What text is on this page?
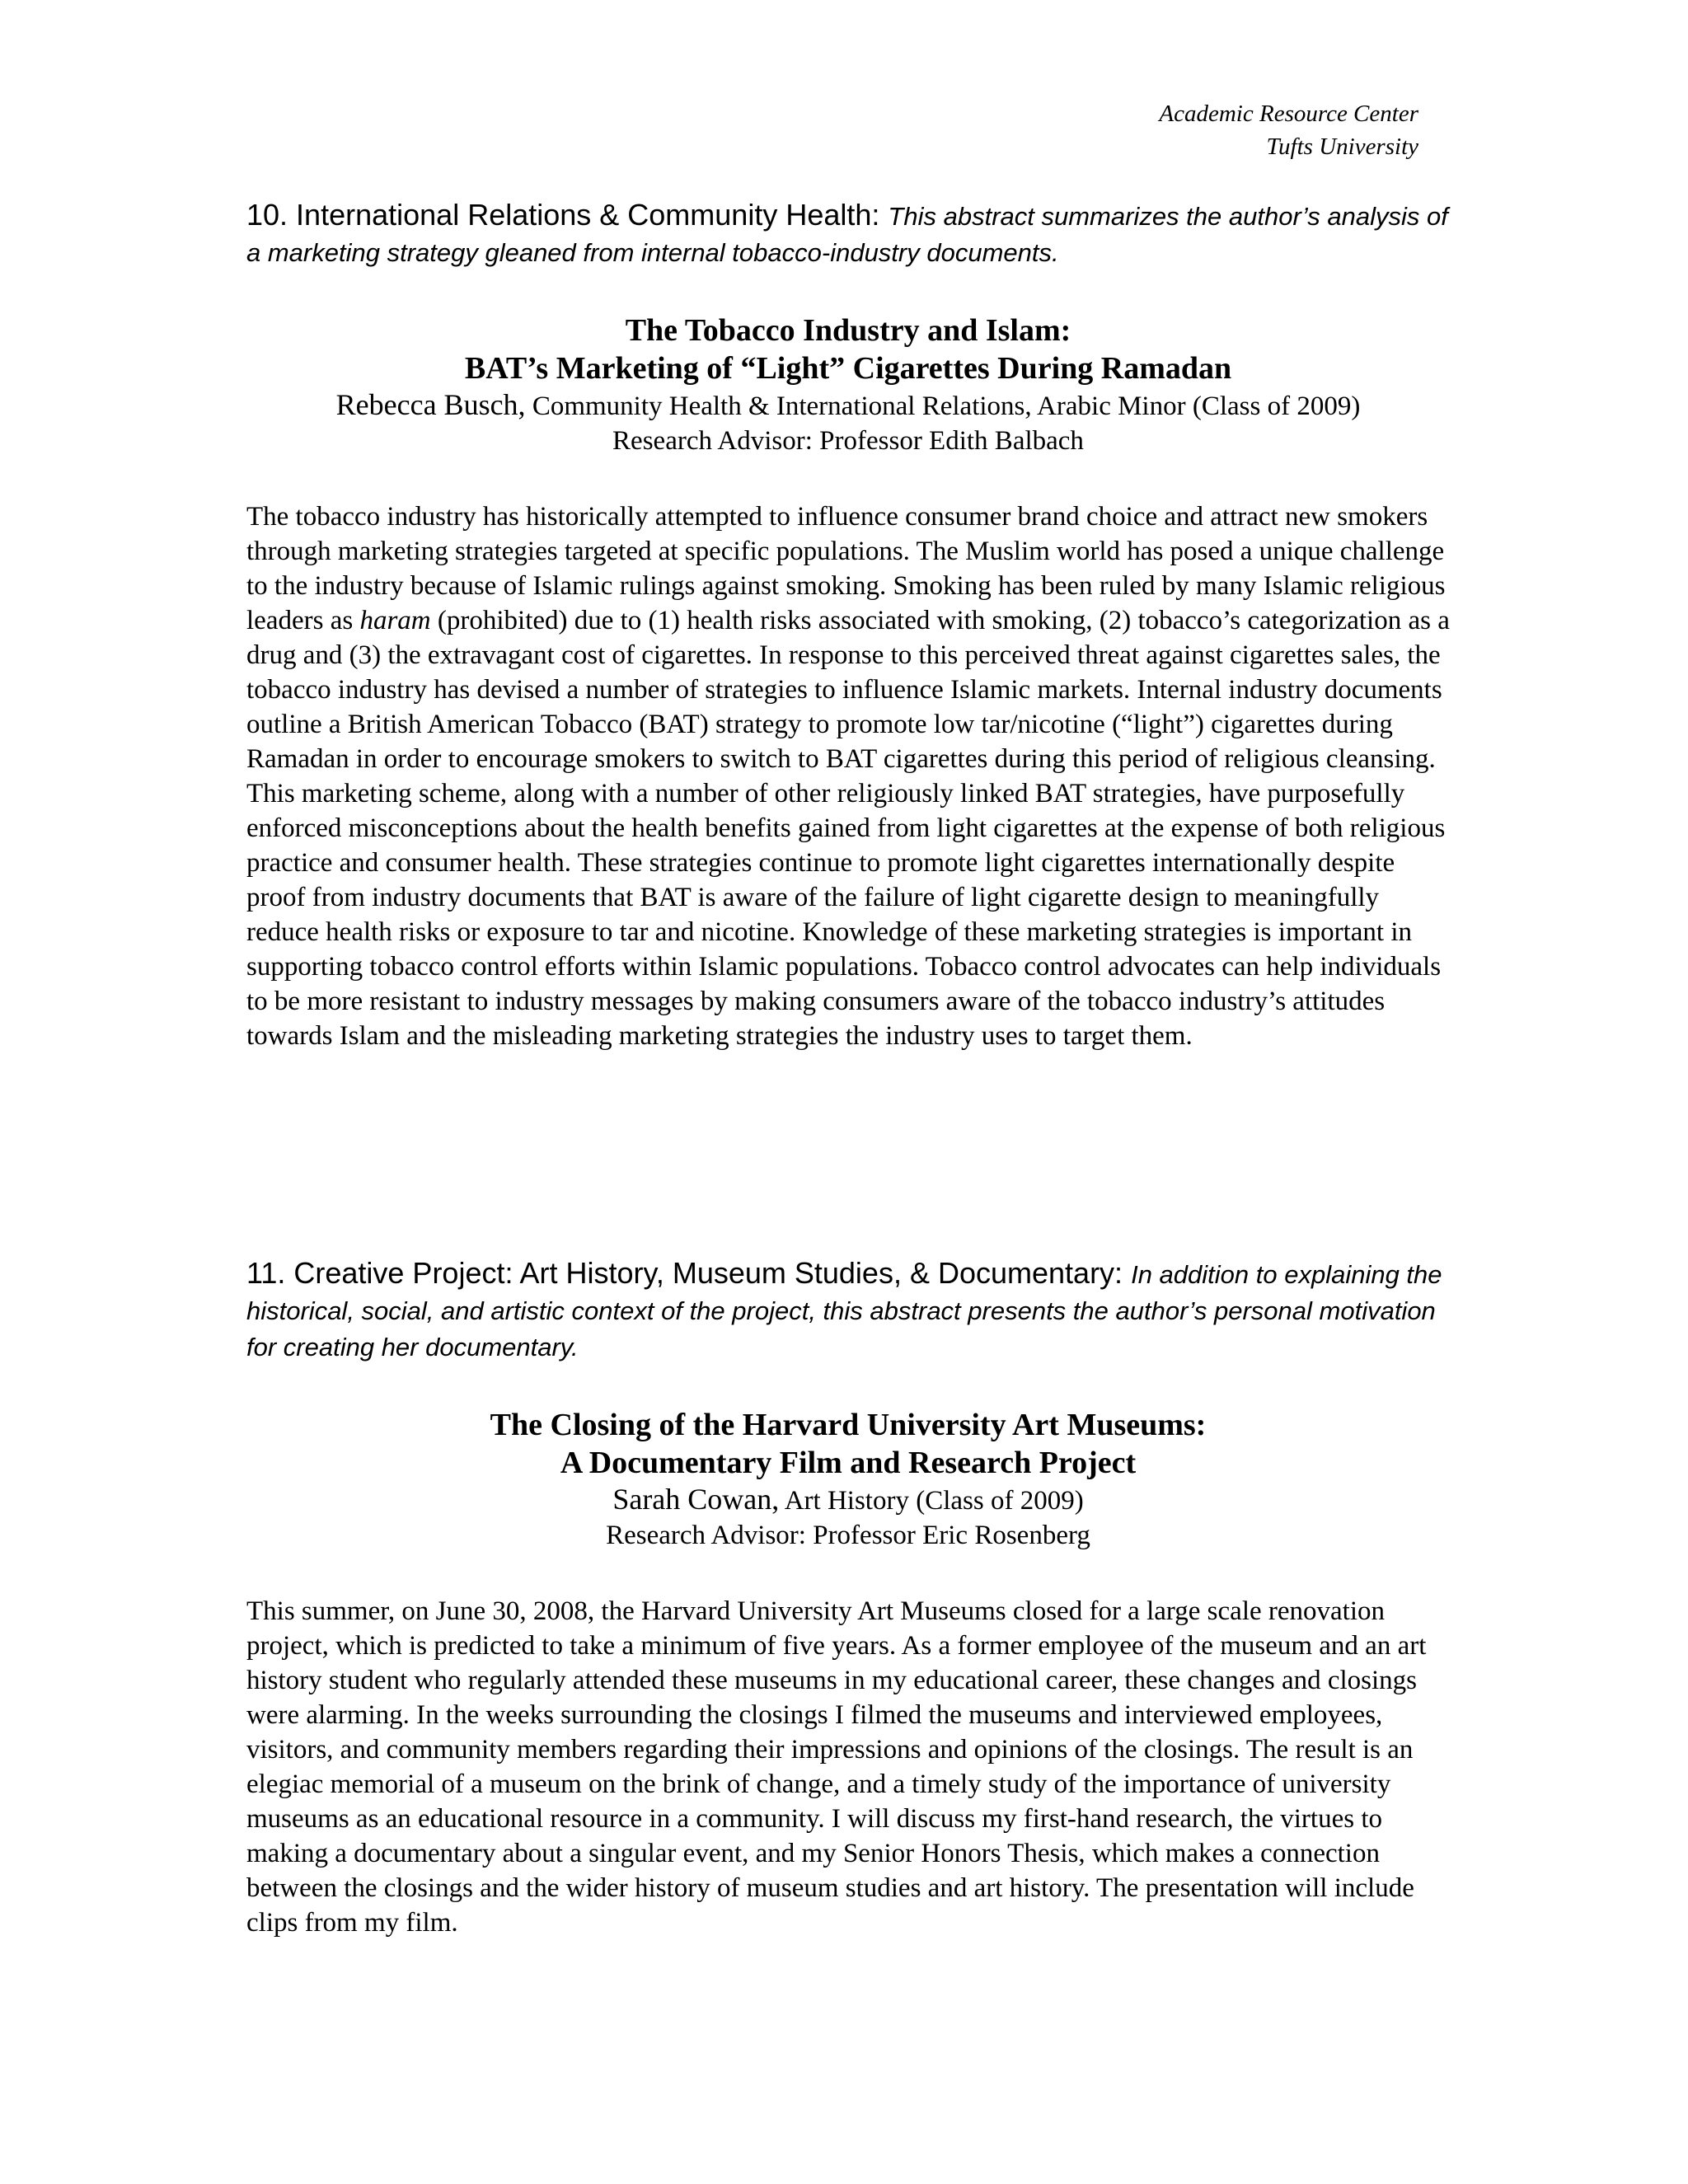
Academic Resource Center
Tufts University

10. International Relations & Community Health: This abstract summarizes the author’s analysis of a marketing strategy gleaned from internal tobacco-industry documents.

The Tobacco Industry and Islam:
BAT’s Marketing of “Light” Cigarettes During Ramadan
Rebecca Busch, Community Health & International Relations, Arabic Minor (Class of 2009)
Research Advisor: Professor Edith Balbach
The tobacco industry has historically attempted to influence consumer brand choice and attract new smokers through marketing strategies targeted at specific populations. The Muslim world has posed a unique challenge to the industry because of Islamic rulings against smoking. Smoking has been ruled by many Islamic religious leaders as haram (prohibited) due to (1) health risks associated with smoking, (2) tobacco’s categorization as a drug and (3) the extravagant cost of cigarettes. In response to this perceived threat against cigarettes sales, the tobacco industry has devised a number of strategies to influence Islamic markets. Internal industry documents outline a British American Tobacco (BAT) strategy to promote low tar/nicotine (“light”) cigarettes during Ramadan in order to encourage smokers to switch to BAT cigarettes during this period of religious cleansing. This marketing scheme, along with a number of other religiously linked BAT strategies, have purposefully enforced misconceptions about the health benefits gained from light cigarettes at the expense of both religious practice and consumer health. These strategies continue to promote light cigarettes internationally despite proof from industry documents that BAT is aware of the failure of light cigarette design to meaningfully reduce health risks or exposure to tar and nicotine. Knowledge of these marketing strategies is important in supporting tobacco control efforts within Islamic populations. Tobacco control advocates can help individuals to be more resistant to industry messages by making consumers aware of the tobacco industry’s attitudes towards Islam and the misleading marketing strategies the industry uses to target them.

11. Creative Project: Art History, Museum Studies, & Documentary: In addition to explaining the historical, social, and artistic context of the project, this abstract presents the author’s personal motivation for creating her documentary.

The Closing of the Harvard University Art Museums:
A Documentary Film and Research Project
Sarah Cowan, Art History (Class of 2009)
Research Advisor: Professor Eric Rosenberg
This summer, on June 30, 2008, the Harvard University Art Museums closed for a large scale renovation project, which is predicted to take a minimum of five years. As a former employee of the museum and an art history student who regularly attended these museums in my educational career, these changes and closings were alarming. In the weeks surrounding the closings I filmed the museums and interviewed employees, visitors, and community members regarding their impressions and opinions of the closings. The result is an elegiac memorial of a museum on the brink of change, and a timely study of the importance of university museums as an educational resource in a community. I will discuss my first-hand research, the virtues to making a documentary about a singular event, and my Senior Honors Thesis, which makes a connection between the closings and the wider history of museum studies and art history. The presentation will include clips from my film.
